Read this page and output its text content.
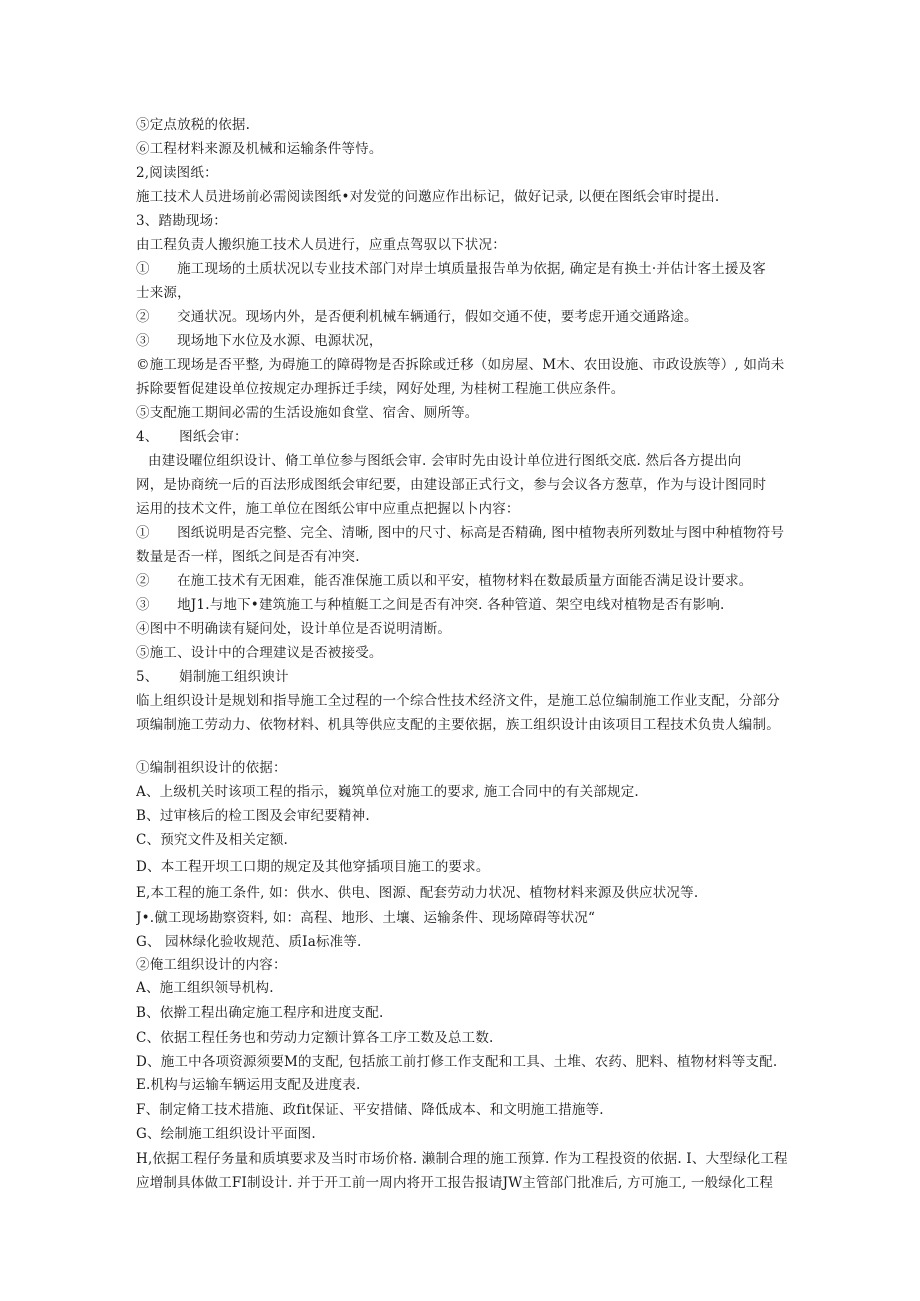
⑤定点放税的依据.
⑥工程材料来源及机械和运输条件等恃。
2,阅读图纸：
施工技术人员进场前必需阅读图纸•对发觉的问邀应作出标记，做好记录, 以便在图纸会审时提出.
3、踏勘现场：
由工程负责人搬织施工技术人员进行，应重点驾驭以下状况：
①　　施工现场的土质状况以专业技术部门对岸士填质量报告单为依据, 确定是有换土·并估计客土援及客
士来源，
②　　交通状况。现场内外，是否便利机械车辆通行，假如交通不使，要考虑开通交通路途。
③　　现场地下水位及水源、电源状况，
©施工现场是否平整, 为碍施工的障碍物是否拆除或迁移（如房屋、M木、农田设施、市政设族等）, 如尚未
拆除要暂促建设单位按规定办理拆迁手续，网好处理, 为桂树工程施工供应条件。
⑤支配施工期间必需的生活设施如食堂、宿舍、厕所等。
4、　　图纸会审：
由建设曜位组织设计、脩工单位参与图纸会审. 会审时先由设计单位进行图纸交底. 然后各方提出向
网，是协商统一后的百法形成图纸会审纪要，由建设部正式行文，参与会议各方葱草，作为与设计图同时
运用的技术文件，施工单位在图纸公审中应重点把握以卜内容：
①　　图纸说明是否完整、完全、清晰, 图中的尺寸、标高是否精确, 图中植物表所列数址与图中种植物符号
数量是否一样，图纸之间是否有冲突.
②　　在施工技术有无困难，能否准保施工质以和平安，植物材料在数最质量方面能否满足设计要求。
③　　地J1.与地下•建筑施工与种植艇工之间是否有冲突. 各种管道、架空电线对植物是否有影响.
④图中不明确读有疑问处，设计单位是否说明清断。
⑤施工、设计中的合理建议是否被接受。
5、　　娟制施工组织谀计
临上组织设计是规划和指导施工全过程的一个综合性技术经济文件，是施工总位编制施工作业支配，分部分
项编制施工劳动力、依物材料、机具等供应支配的主要依据，族工组织设计由该项目工程技术负贵人编制。
①编制祖织设计的依据：
A、上级机关时该项工程的指示，巍筑单位对施工的要求, 施工合同中的有关部规定.
B、过审核后的检工图及会审纪要精神.
C、预究文件及相关定额.
D、本工程开坝工口期的规定及其他穿插项目施工的要求。
E,本工程的施工条件, 如：供水、供电、图源、配套劳动力状况、植物材料来源及供应状况等.
J•.僦工现场勘察资料, 如：高程、地形、土壤、运输条件、现场障碍等状况“
G、 园林绿化验收规范、质Ia标准等.
②俺工组织设计的内容：
A、施工组织领导机构.
B、依擀工程出确定施工程序和进度支配.
C、依据工程任务也和劳动力定额计算各工序工数及总工数.
D、施工中各项资源须要M的支配, 包括旅工前打修工作支配和工具、土堆、农药、肥料、植物材料等支配.
E.机构与运输车辆运用支配及进度表.
F、制定脩工技术措施、政fit保证、平安措储、降低成本、和文明施工措施等.
G、绘制施工组织设计平面图.
H,依据工程仔务量和质填要求及当时市场价格. 濑制合理的施工预算. 作为工程投资的依据. I、大型绿化工程
应增制具体做工FI制设计. 并于开工前一周内将开工报告报请JW主管部门批准后, 方可施工, 一般绿化工程
